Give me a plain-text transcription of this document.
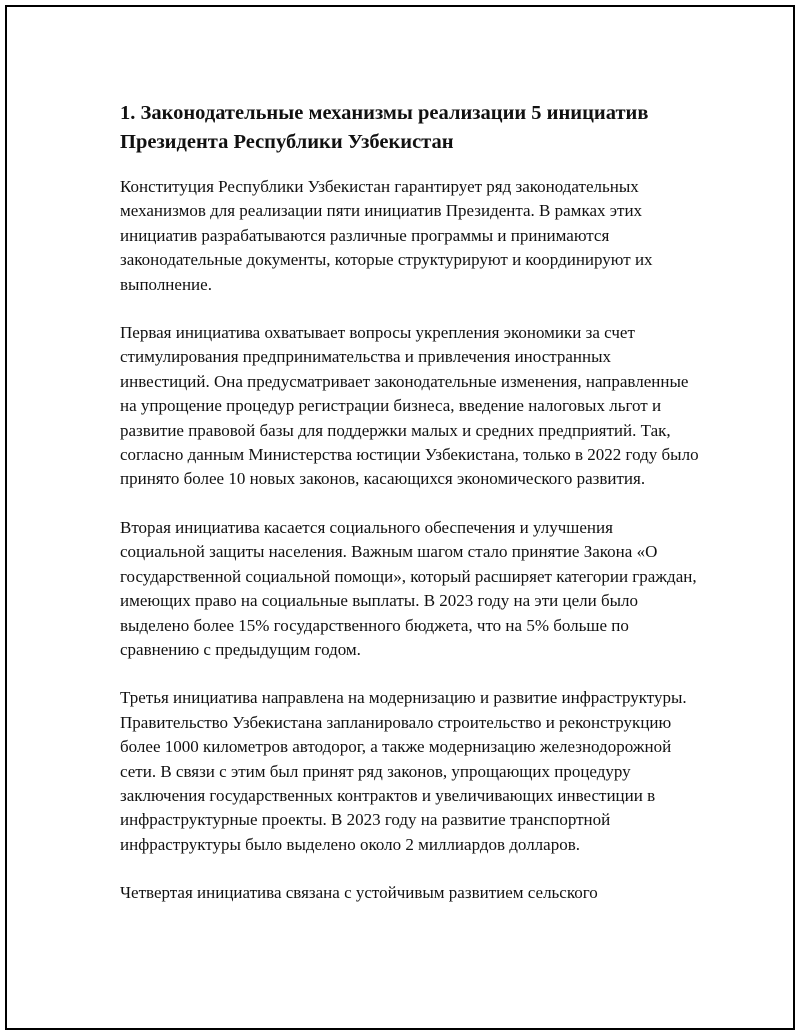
1. Законодательные механизмы реализации 5 инициатив Президента Республики Узбекистан

Конституция Республики Узбекистан гарантирует ряд законодательных механизмов для реализации пяти инициатив Президента. В рамках этих инициатив разрабатываются различные программы и принимаются законодательные документы, которые структурируют и координируют их выполнение.

Первая инициатива охватывает вопросы укрепления экономики за счет стимулирования предпринимательства и привлечения иностранных инвестиций. Она предусматривает законодательные изменения, направленные на упрощение процедур регистрации бизнеса, введение налоговых льгот и развитие правовой базы для поддержки малых и средних предприятий. Так, согласно данным Министерства юстиции Узбекистана, только в 2022 году было принято более 10 новых законов, касающихся экономического развития.

Вторая инициатива касается социального обеспечения и улучшения социальной защиты населения. Важным шагом стало принятие Закона «О государственной социальной помощи», который расширяет категории граждан, имеющих право на социальные выплаты. В 2023 году на эти цели было выделено более 15% государственного бюджета, что на 5% больше по сравнению с предыдущим годом.

Третья инициатива направлена на модернизацию и развитие инфраструктуры. Правительство Узбекистана запланировало строительство и реконструкцию более 1000 километров автодорог, а также модернизацию железнодорожной сети. В связи с этим был принят ряд законов, упрощающих процедуру заключения государственных контрактов и увеличивающих инвестиции в инфраструктурные проекты. В 2023 году на развитие транспортной инфраструктуры было выделено около 2 миллиардов долларов.

Четвертая инициатива связана с устойчивым развитием сельского
